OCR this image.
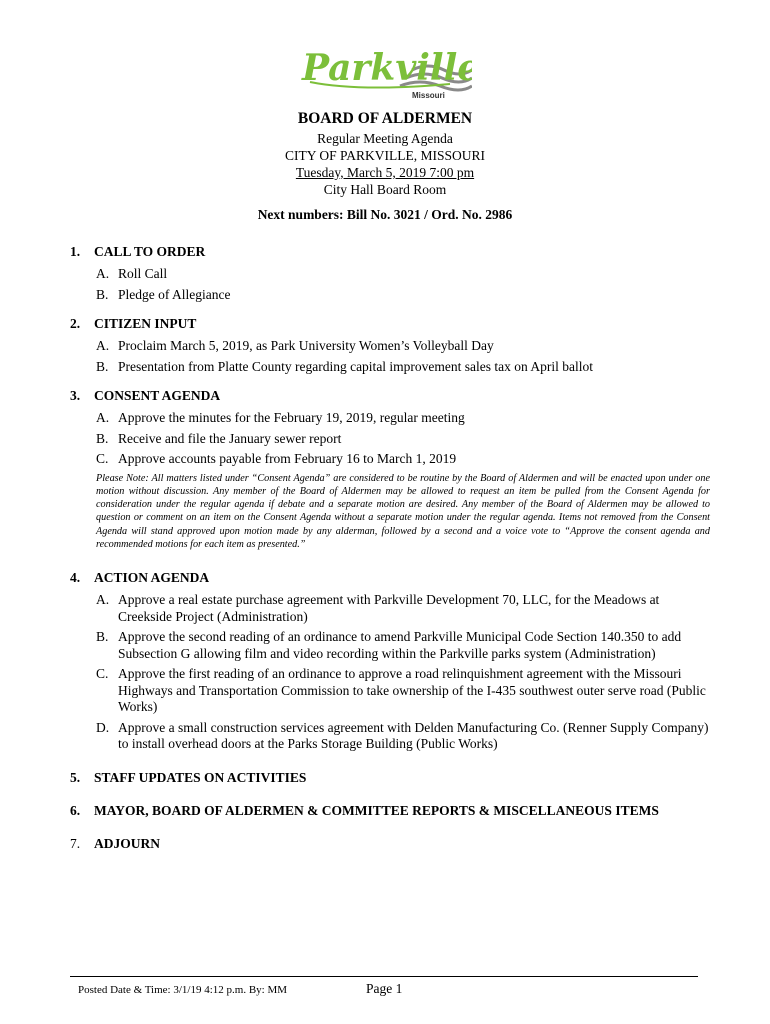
Parkville
Missouri
BOARD OF ALDERMEN
Regular Meeting Agenda
CITY OF PARKVILLE, MISSOURI
Tuesday, March 5, 2019 7:00 pm
City Hall Board Room
Next numbers: Bill No. 3021 / Ord. No. 2986
1.	CALL TO ORDER
A. Roll Call
B. Pledge of Allegiance
2.	CITIZEN INPUT
A. Proclaim March 5, 2019, as Park University Women’s Volleyball Day
B. Presentation from Platte County regarding capital improvement sales tax on April ballot
3.	CONSENT AGENDA
A. Approve the minutes for the February 19, 2019, regular meeting
B. Receive and file the January sewer report
C. Approve accounts payable from February 16 to March 1, 2019
Please Note: All matters listed under “Consent Agenda” are considered to be routine by the Board of Aldermen and will be enacted upon under one motion without discussion. Any member of the Board of Aldermen may be allowed to request an item be pulled from the Consent Agenda for consideration under the regular agenda if debate and a separate motion are desired. Any member of the Board of Aldermen may be allowed to question or comment on an item on the Consent Agenda without a separate motion under the regular agenda. Items not removed from the Consent Agenda will stand approved upon motion made by any alderman, followed by a second and a voice vote to “Approve the consent agenda and recommended motions for each item as presented.”
4.	ACTION AGENDA
A. Approve a real estate purchase agreement with Parkville Development 70, LLC, for the Meadows at Creekside Project (Administration)
B. Approve the second reading of an ordinance to amend Parkville Municipal Code Section 140.350 to add Subsection G allowing film and video recording within the Parkville parks system (Administration)
C. Approve the first reading of an ordinance to approve a road relinquishment agreement with the Missouri Highways and Transportation Commission to take ownership of the I-435 southwest outer serve road (Public Works)
D. Approve a small construction services agreement with Delden Manufacturing Co. (Renner Supply Company) to install overhead doors at the Parks Storage Building (Public Works)
5.	STAFF UPDATES ON ACTIVITIES
6.	MAYOR, BOARD OF ALDERMEN & COMMITTEE REPORTS & MISCELLANEOUS ITEMS
7.	ADJOURN
Posted Date & Time: 3/1/19 4:12 p.m. By: MM	Page 1
